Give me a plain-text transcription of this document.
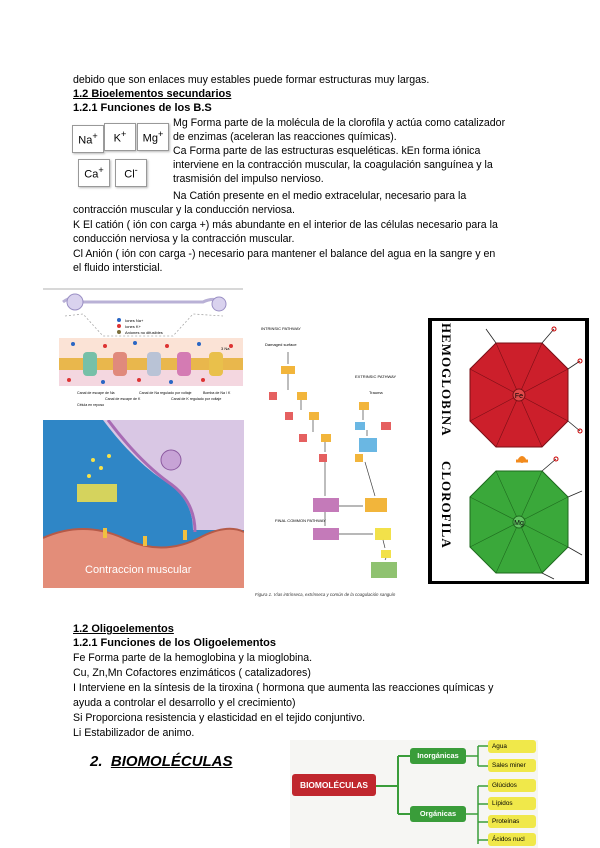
debido que son enlaces muy estables puede formar estructuras muy largas.
1.2 Bioelementos secundarios
1.2.1 Funciones de los B.S
Na+	K+	Mg+
Ca+	Cl-
Mg Forma parte de la molécula de la clorofila y actúa como catalizador
de enzimas (aceleran las reacciones químicas).
Ca Forma parte de las estructuras esqueléticas. kEn forma iónica
interviene en la contracción muscular, la coagulación sanguínea y la
trasmisión del impulso nervioso.
Na Catión presente en el medio extracelular, necesario para la
contracción muscular y la conducción nerviosa.
K El catión ( ión con carga +) más abundante en el interior de las células necesario para la
conducción nerviosa y la contracción muscular.
Cl Anión ( ión con carga -) necesario para mantener el balance del agua en la sangre y en
el fluido intersticial.
Iones Na+
Iones K+
Aniones no difusibles
3 Na
Canal de escape de Na
Canal de escape de K
Canal de Na regulado por voltaje
Canal de K regulado por voltaje
Bomba de Na / K
Célula en reposo
Contraccion muscular
INTRINSIC PATHWAY
Damaged surface
EXTRINSIC PATHWAY
Trauma
FINAL COMMON PATHWAY
Figura 1. Vías intrínseca, extrínseca y común de la coagulación sanguín
HEMOGLOBINA
CLOROFILA
Fe
Mg
1.2 Oligoelementos
1.2.1 Funciones de los Oligoelementos
Fe Forma parte de la hemoglobina y la mioglobina.
Cu, Zn,Mn Cofactores enzimáticos ( catalizadores)
I Interviene en la síntesis de la tiroxina ( hormona que aumenta las reacciones químicas y
ayuda a controlar el desarrollo y el crecimiento)
Si Proporciona resistencia y elasticidad en el tejido conjuntivo.
Li Estabilizador de animo.
2. BIOMOLÉCULAS
BIOMOLÉCULAS
Inorgánicas
Orgánicas
Agua
Sales miner
Glúcidos
Lípidos
Proteínas
Ácidos nucl
